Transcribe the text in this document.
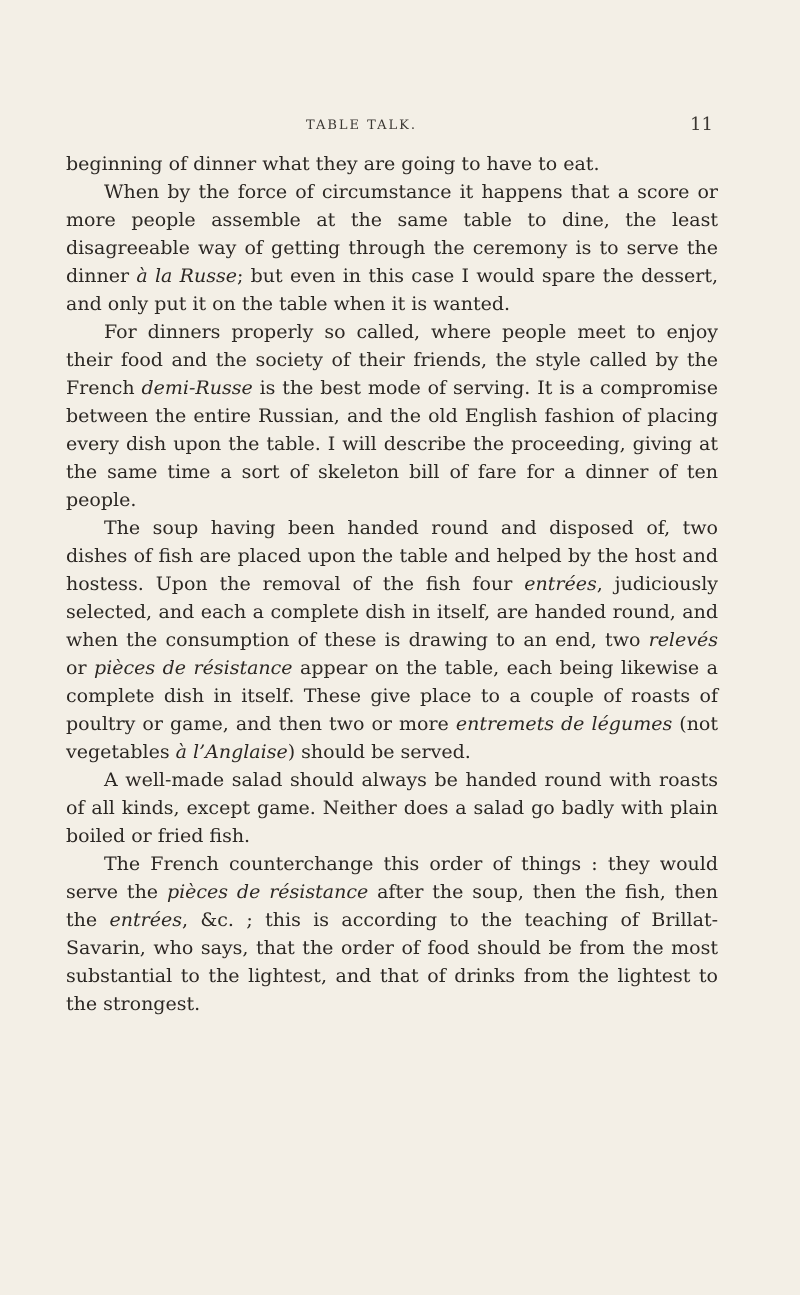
TABLE TALK.	11

beginning of dinner what they are going to have to eat.

When by the force of circumstance it happens that a score or more people assemble at the same table to dine, the least disagreeable way of getting through the ceremony is to serve the dinner à la Russe; but even in this case I would spare the dessert, and only put it on the table when it is wanted.

For dinners properly so called, where people meet to enjoy their food and the society of their friends, the style called by the French demi-Russe is the best mode of serving. It is a compromise between the entire Russian, and the old English fashion of placing every dish upon the table. I will describe the proceeding, giving at the same time a sort of skeleton bill of fare for a dinner of ten people.

The soup having been handed round and disposed of, two dishes of fish are placed upon the table and helped by the host and hostess. Upon the removal of the fish four entrées, judiciously selected, and each a complete dish in itself, are handed round, and when the consumption of these is drawing to an end, two relevés or pièces de résistance appear on the table, each being likewise a complete dish in itself. These give place to a couple of roasts of poultry or game, and then two or more entremets de légumes (not vegetables à l’Anglaise) should be served.

A well-made salad should always be handed round with roasts of all kinds, except game. Neither does a salad go badly with plain boiled or fried fish.

The French counterchange this order of things : they would serve the pièces de résistance after the soup, then the fish, then the entrées, &c. ; this is according to the teaching of Brillat-Savarin, who says, that the order of food should be from the most substantial to the lightest, and that of drinks from the lightest to the strongest.
